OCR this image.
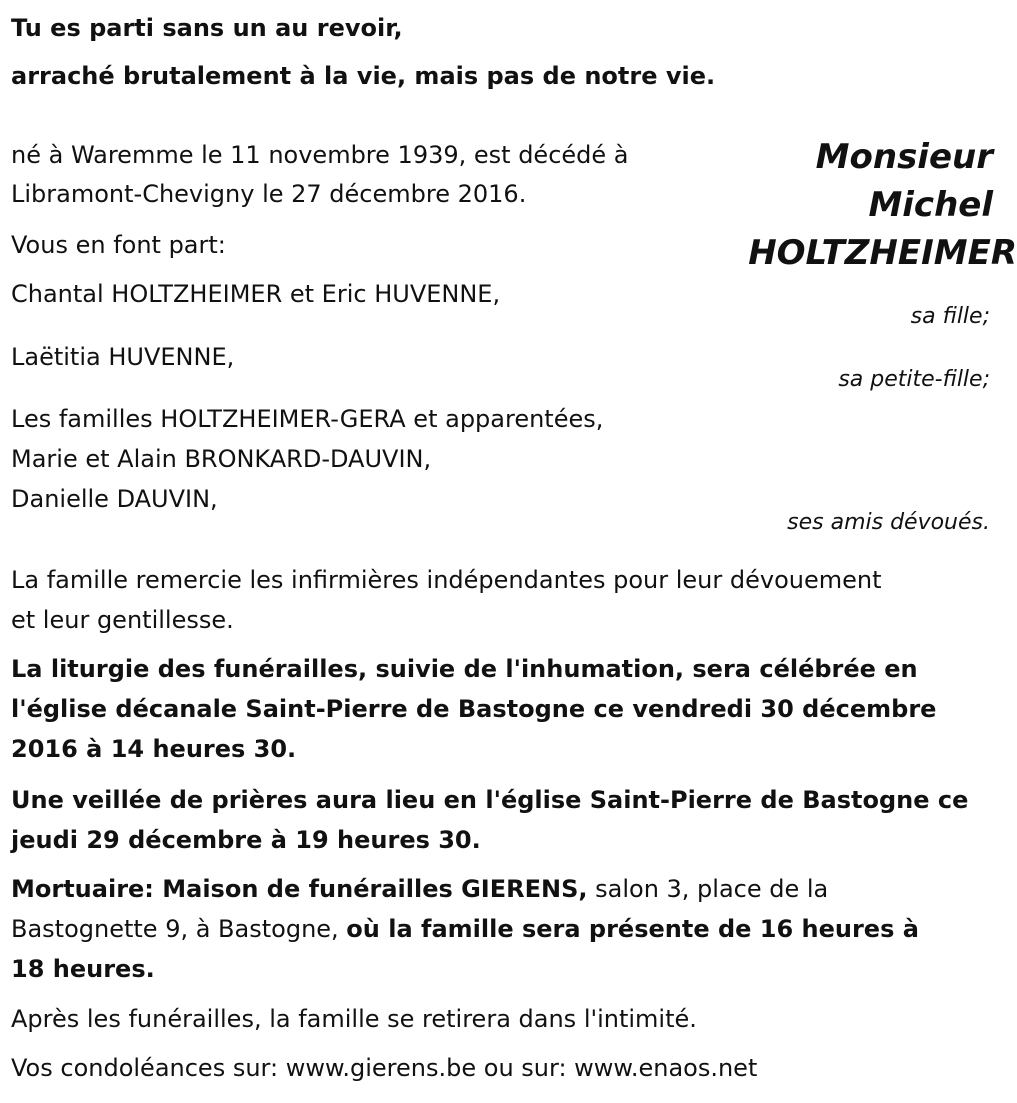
Tu es parti sans un au revoir,

arraché brutalement à la vie, mais pas de notre vie.

Monsieur
Michel
HOLTZHEIMER

né à Waremme le 11 novembre 1939, est décédé à

Libramont-Chevigny le 27 décembre 2016.

Vous en font part:

Chantal HOLTZHEIMER et Eric HUVENNE,

sa fille;

Laëtitia HUVENNE,

sa petite-fille;

Les familles HOLTZHEIMER-GERA et apparentées,

Marie et Alain BRONKARD-DAUVIN,

Danielle DAUVIN,

ses amis dévoués.

La famille remercie les infirmières indépendantes pour leur dévouement

et leur gentillesse.

La liturgie des funérailles, suivie de l'inhumation, sera célébrée en

l'église décanale Saint-Pierre de Bastogne ce vendredi 30 décembre

2016 à 14 heures 30.

Une veillée de prières aura lieu en l'église Saint-Pierre de Bastogne ce

jeudi 29 décembre à 19 heures 30.

Mortuaire: Maison de funérailles GIERENS, salon 3, place de la

Bastognette 9, à Bastogne, où la famille sera présente de 16 heures à

18 heures.

Après les funérailles, la famille se retirera dans l'intimité.

Vos condoléances sur: www.gierens.be ou sur: www.enaos.net
